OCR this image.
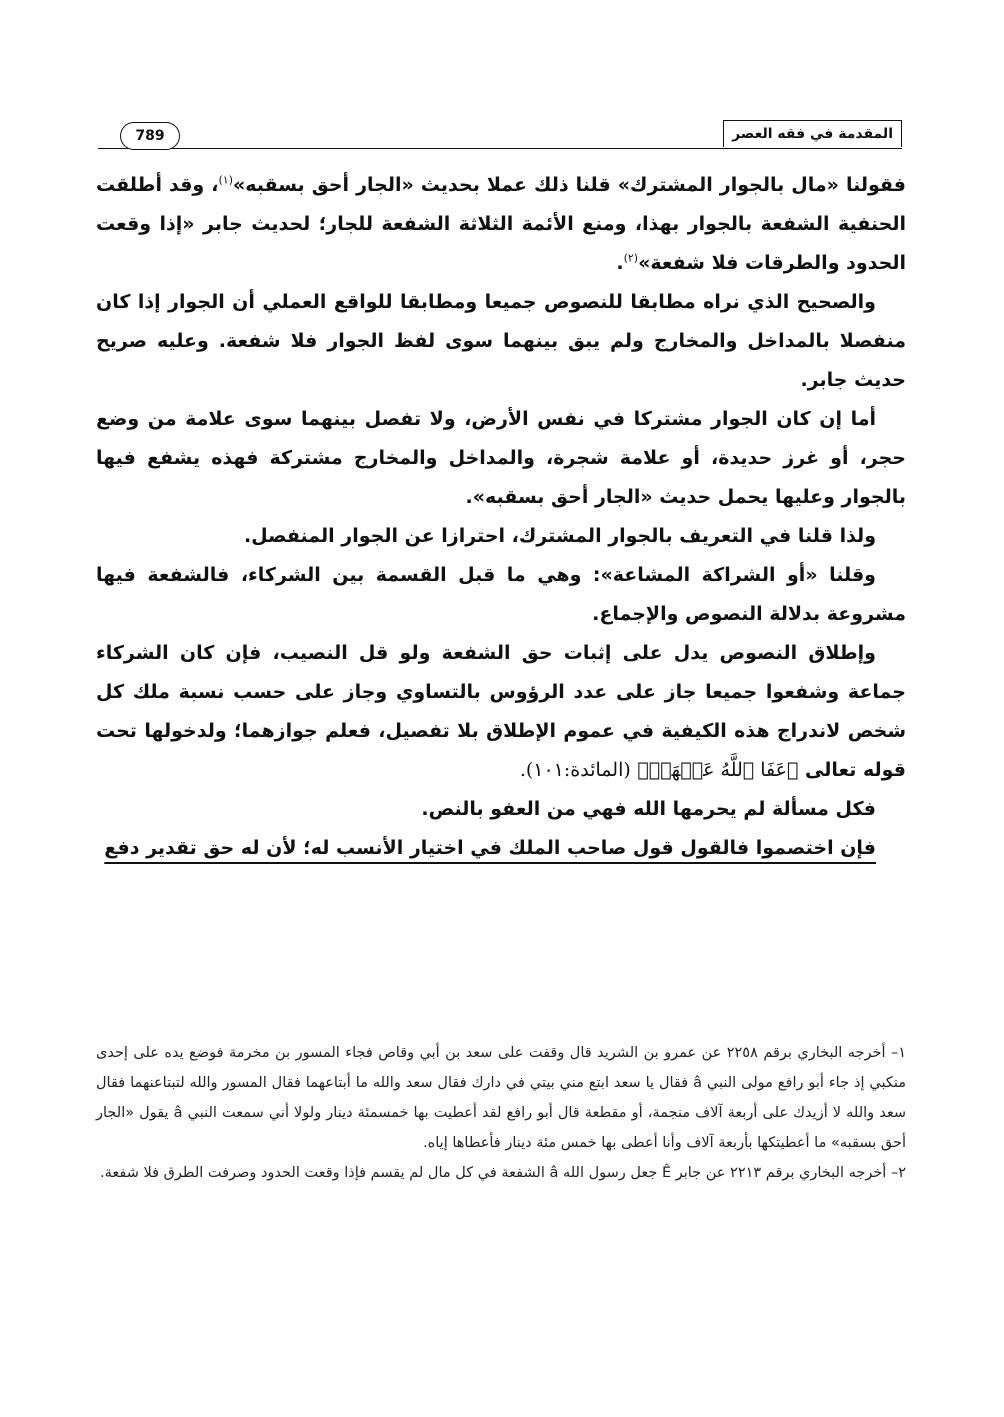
المقدمة في فقه العصر
789

فقولنا «مال بالجوار المشترك» قلنا ذلك عملا بحديث «الجار أحق بسقبه»$^{(١)}$، وقد أطلقت الحنفية الشفعة بالجوار بهذا، ومنع الأئمة الثلاثة الشفعة للجار؛ لحديث جابر «إذا وقعت الحدود والطرقات فلا شفعة»$^{(٢)}$.

والصحيح الذي نراه مطابقا للنصوص جميعا ومطابقا للواقع العملي أن الجوار إذا كان منفصلا بالمداخل والمخارج ولم يبق بينهما سوى لفظ الجوار فلا شفعة. وعليه صريح حديث جابر.

أما إن كان الجوار مشتركا في نفس الأرض، ولا تفصل بينهما سوى علامة من وضع حجر، أو غرز حديدة، أو علامة شجرة، والمداخل والمخارج مشتركة فهذه يشفع فيها بالجوار وعليها يحمل حديث «الجار أحق بسقبه».

ولذا قلنا في التعريف بالجوار المشترك، احترازا عن الجوار المنفصل.

وقلنا «أو الشراكة المشاعة»: وهي ما قبل القسمة بين الشركاء، فالشفعة فيها مشروعة بدلالة النصوص والإجماع.

وإطلاق النصوص يدل على إثبات حق الشفعة ولو قل النصيب، فإن كان الشركاء جماعة وشفعوا جميعا جاز على عدد الرؤوس بالتساوي وجاز على حسب نسبة ملك كل شخص لاندراج هذه الكيفية في عموم الإطلاق بلا تفصيل، فعلم جوازهما؛ ولدخولها تحت قوله تعالى ﴿عَفَا ٱللَّهُ عَنۡهَاۗ﴾ (المائدة:١٠١).

فكل مسألة لم يحرمها الله فهي من العفو بالنص.

فإن اختصموا فالقول قول صاحب الملك في اختيار الأنسب له؛ لأن له حق تقدير دفع

١– أخرجه البخاري برقم ٢٢٥٨ عن عمرو بن الشريد قال وقفت على سعد بن أبي وقاص فجاء المسور بن مخرمة فوضع يده على إحدى منكبي إذ جاء أبو رافع مولى النبي â فقال يا سعد ابتع مني بيتي في دارك فقال سعد والله ما أبتاعهما فقال المسور والله لتبتاعنهما فقال سعد والله لا أزيدك على أربعة آلاف منجمة، أو مقطعة قال أبو رافع لقد أعطيت بها خمسمئة دينار ولولا أني سمعت النبي â يقول «الجار أحق بسقبه» ما أعطيتكها بأربعة آلاف وأنا أعطى بها خمس مئة دينار فأعطاها إياه.

٢– أخرجه البخاري برقم ٢٢١٣ عن جابر Ê جعل رسول الله â الشفعة في كل مال لم يقسم فإذا وقعت الحدود وصرفت الطرق فلا شفعة.
